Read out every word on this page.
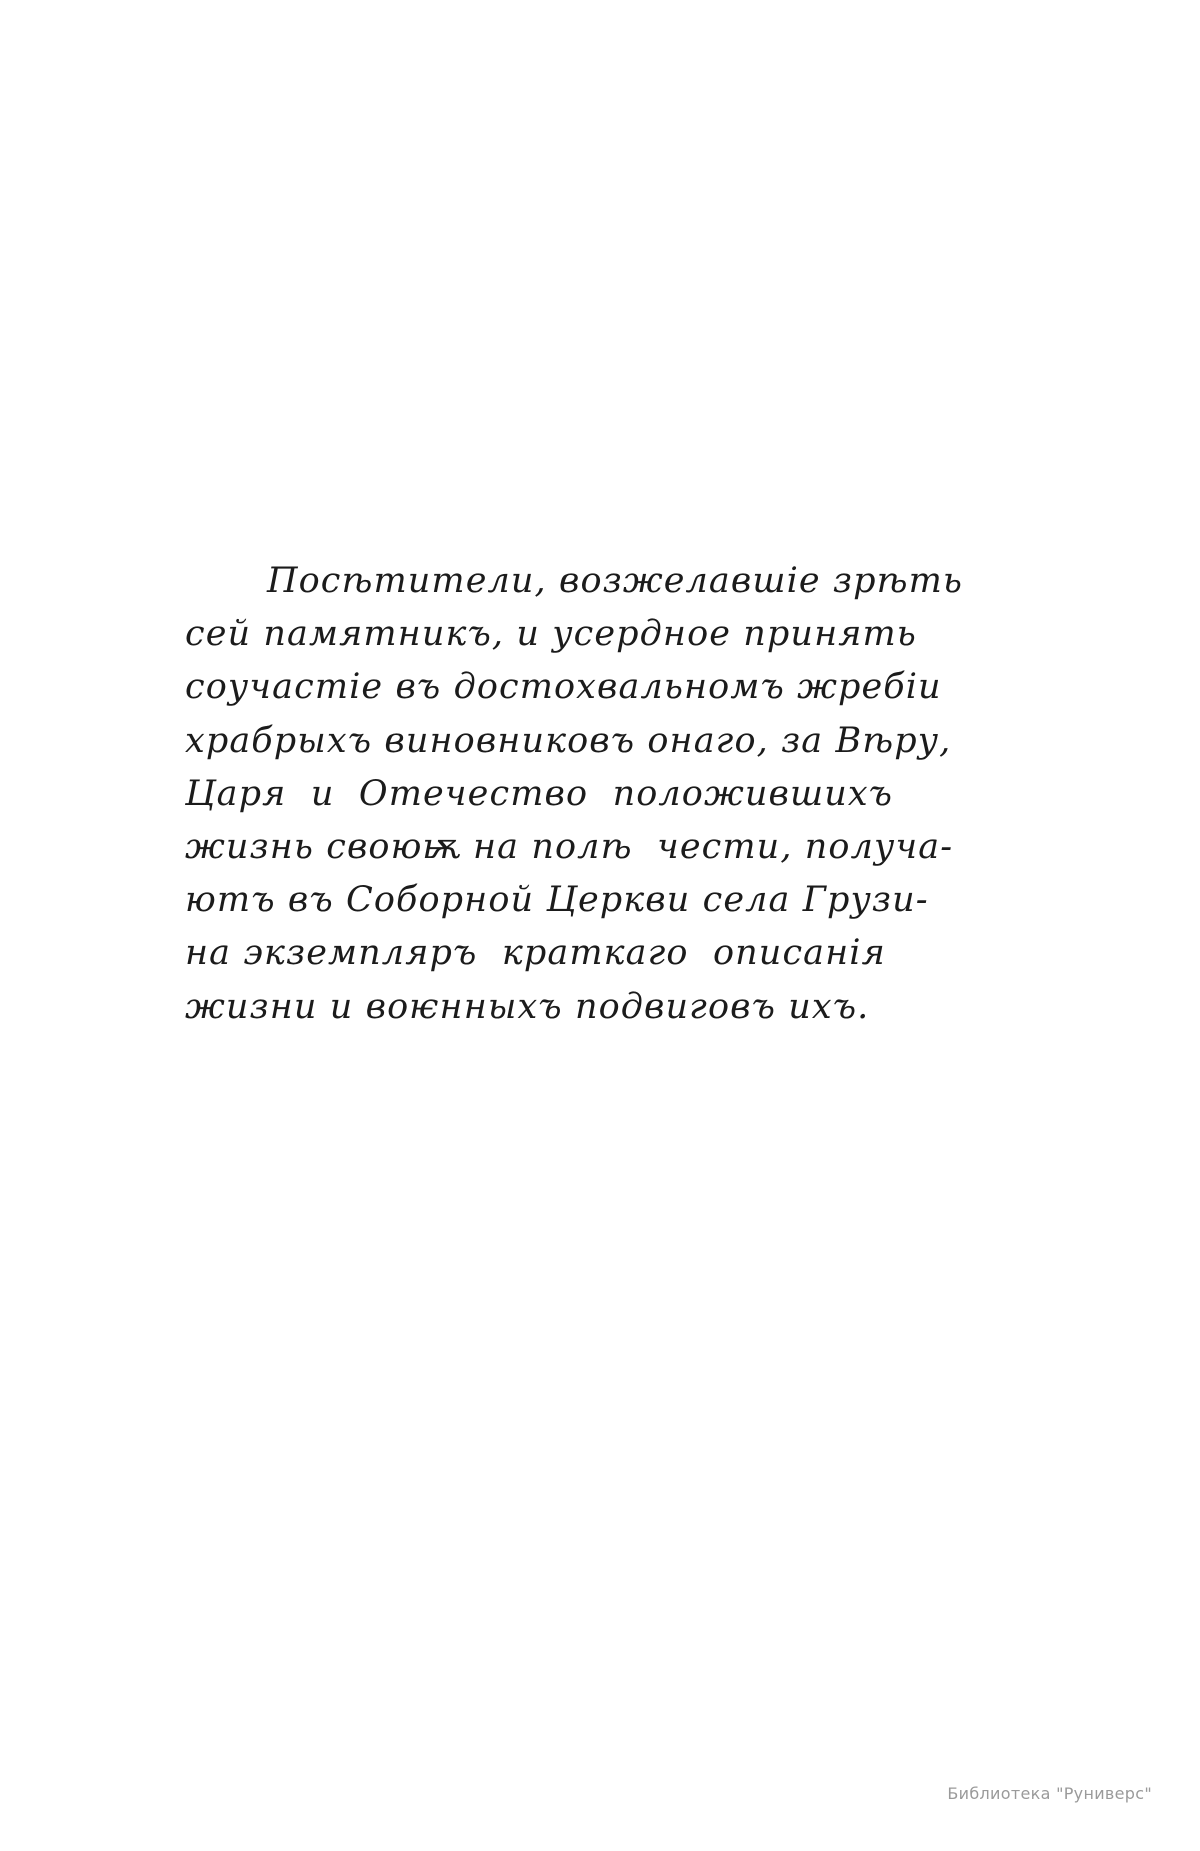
Посѣтители, возжелавшіе зрѣть
сей памятникъ, и усердное принять
соучастіе въ достохвальномъ жребіи
храбрыхъ виновниковъ онаго, за Вѣру,
Царя  и  Отечество  положившихъ
жизнь своюѭ на полѣ  чести, получа-
ютъ въ Соборной Церкви села Грузи-
на экземпляръ  краткаго  описанія
жизни и воѥнныхъ подвиговъ ихъ.
Библиотека "Руниверс"
